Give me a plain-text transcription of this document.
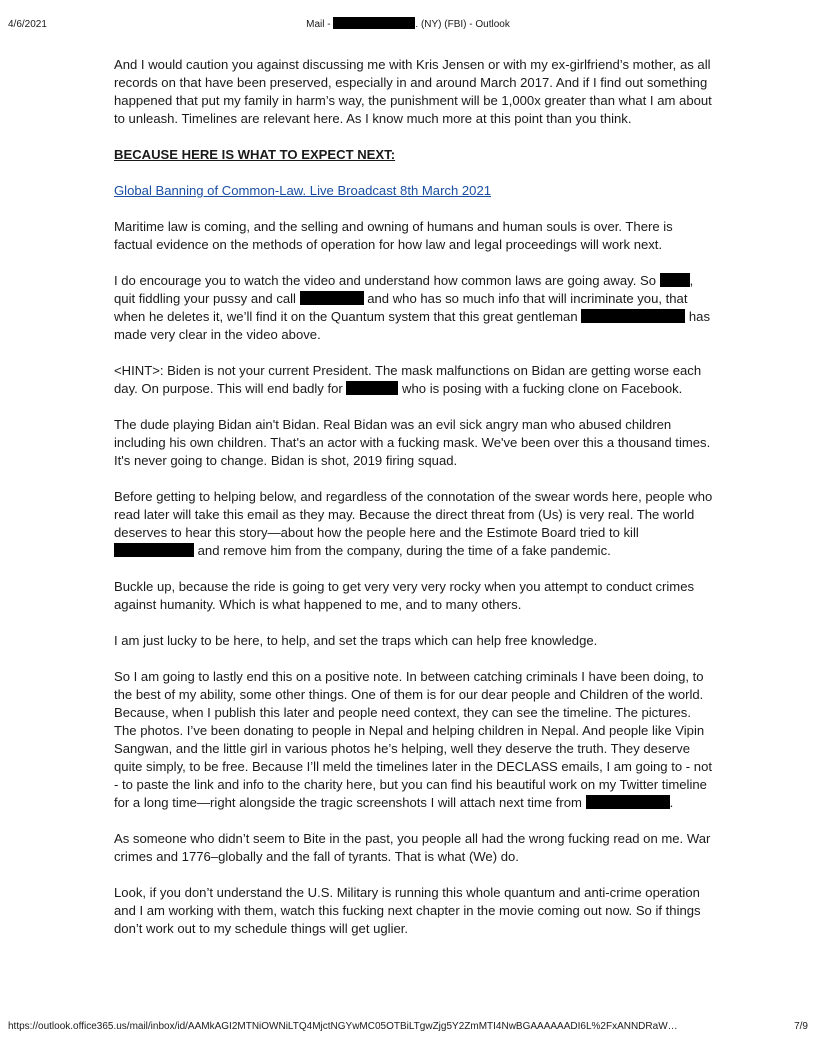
4/6/2021	Mail -	. (NY) (FBI) - Outlook

And I would caution you against discussing me with Kris Jensen or with my ex-girlfriend’s mother, as all records on that have been preserved, especially in and around March 2017. And if I find out something happened that put my family in harm’s way, the punishment will be 1,000x greater than what I am about to unleash. Timelines are relevant here. As I know much more at this point than you think.

BECAUSE HERE IS WHAT TO EXPECT NEXT:

Global Banning of Common-Law. Live Broadcast 8th March 2021

Maritime law is coming, and the selling and owning of humans and human souls is over. There is factual evidence on the methods of operation for how law and legal proceedings will work next.

I do encourage you to watch the video and understand how common laws are going away. So , quit fiddling your pussy and call	and who has so much info that will incriminate you, that when he deletes it, we’ll find it on the Quantum system that this great gentleman	has made very clear in the video above.

<HINT>: Biden is not your current President. The mask malfunctions on Bidan are getting worse each day. On purpose. This will end badly for	who is posing with a fucking clone on Facebook.

The dude playing Bidan ain't Bidan. Real Bidan was an evil sick angry man who abused children including his own children. That's an actor with a fucking mask. We've been over this a thousand times. It's never going to change. Bidan is shot, 2019 firing squad.

Before getting to helping below, and regardless of the connotation of the swear words here, people who read later will take this email as they may. Because the direct threat from (Us) is very real. The world deserves to hear this story—about how the people here and the Estimote Board tried to kill  and remove him from the company, during the time of a fake pandemic.

Buckle up, because the ride is going to get very very very rocky when you attempt to conduct crimes against humanity. Which is what happened to me, and to many others.

I am just lucky to be here, to help, and set the traps which can help free knowledge.

So I am going to lastly end this on a positive note. In between catching criminals I have been doing, to the best of my ability, some other things. One of them is for our dear people and Children of the world. Because, when I publish this later and people need context, they can see the timeline. The pictures. The photos. I’ve been donating to people in Nepal and helping children in Nepal. And people like Vipin Sangwan, and the little girl in various photos he’s helping, well they deserve the truth. They deserve quite simply, to be free. Because I’ll meld the timelines later in the DECLASS emails, I am going to - not - to paste the link and info to the charity here, but you can find his beautiful work on my Twitter timeline for a long time—right alongside the tragic screenshots I will attach next time from	.

As someone who didn’t seem to Bite in the past, you people all had the wrong fucking read on me. War crimes and 1776–globally and the fall of tyrants. That is what (We) do.

Look, if you don’t understand the U.S. Military is running this whole quantum and anti-crime operation and I am working with them, watch this fucking next chapter in the movie coming out now. So if things don’t work out to my schedule things will get uglier.

https://outlook.office365.us/mail/inbox/id/AAMkAGI2MTNiOWNiLTQ4MjctNGYwMC05OTBiLTgwZjg5Y2ZmMTI4NwBGAAAAAADI6L%2FxANNDRaW…	7/9
